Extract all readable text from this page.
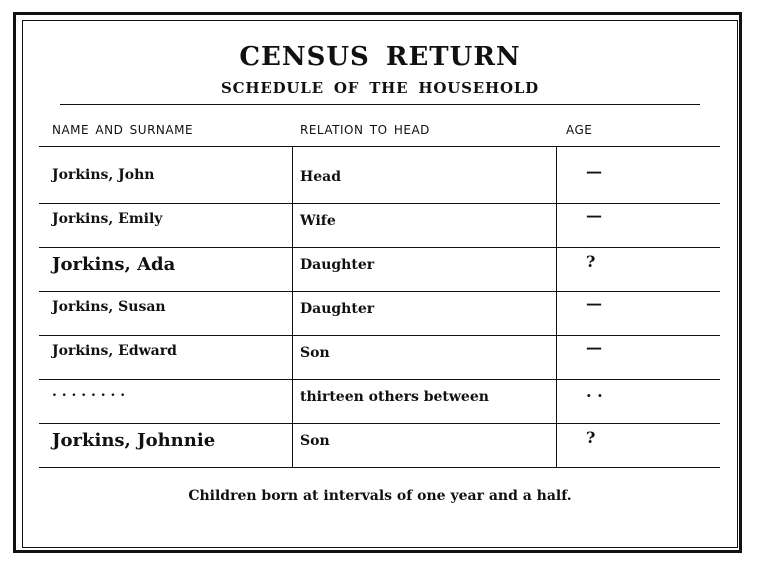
CENSUS RETURN
SCHEDULE OF THE HOUSEHOLD
NAME AND SURNAME	RELATION TO HEAD	AGE
Jorkins, John	Head	—
Jorkins, Emily	Wife	—
Jorkins, Ada	Daughter	?
Jorkins, Susan	Daughter	—
Jorkins, Edward	Son	—
. . . . . . . .	thirteen others between	. .
Jorkins, Johnnie	Son	?
Children born at intervals of one year and a half.
